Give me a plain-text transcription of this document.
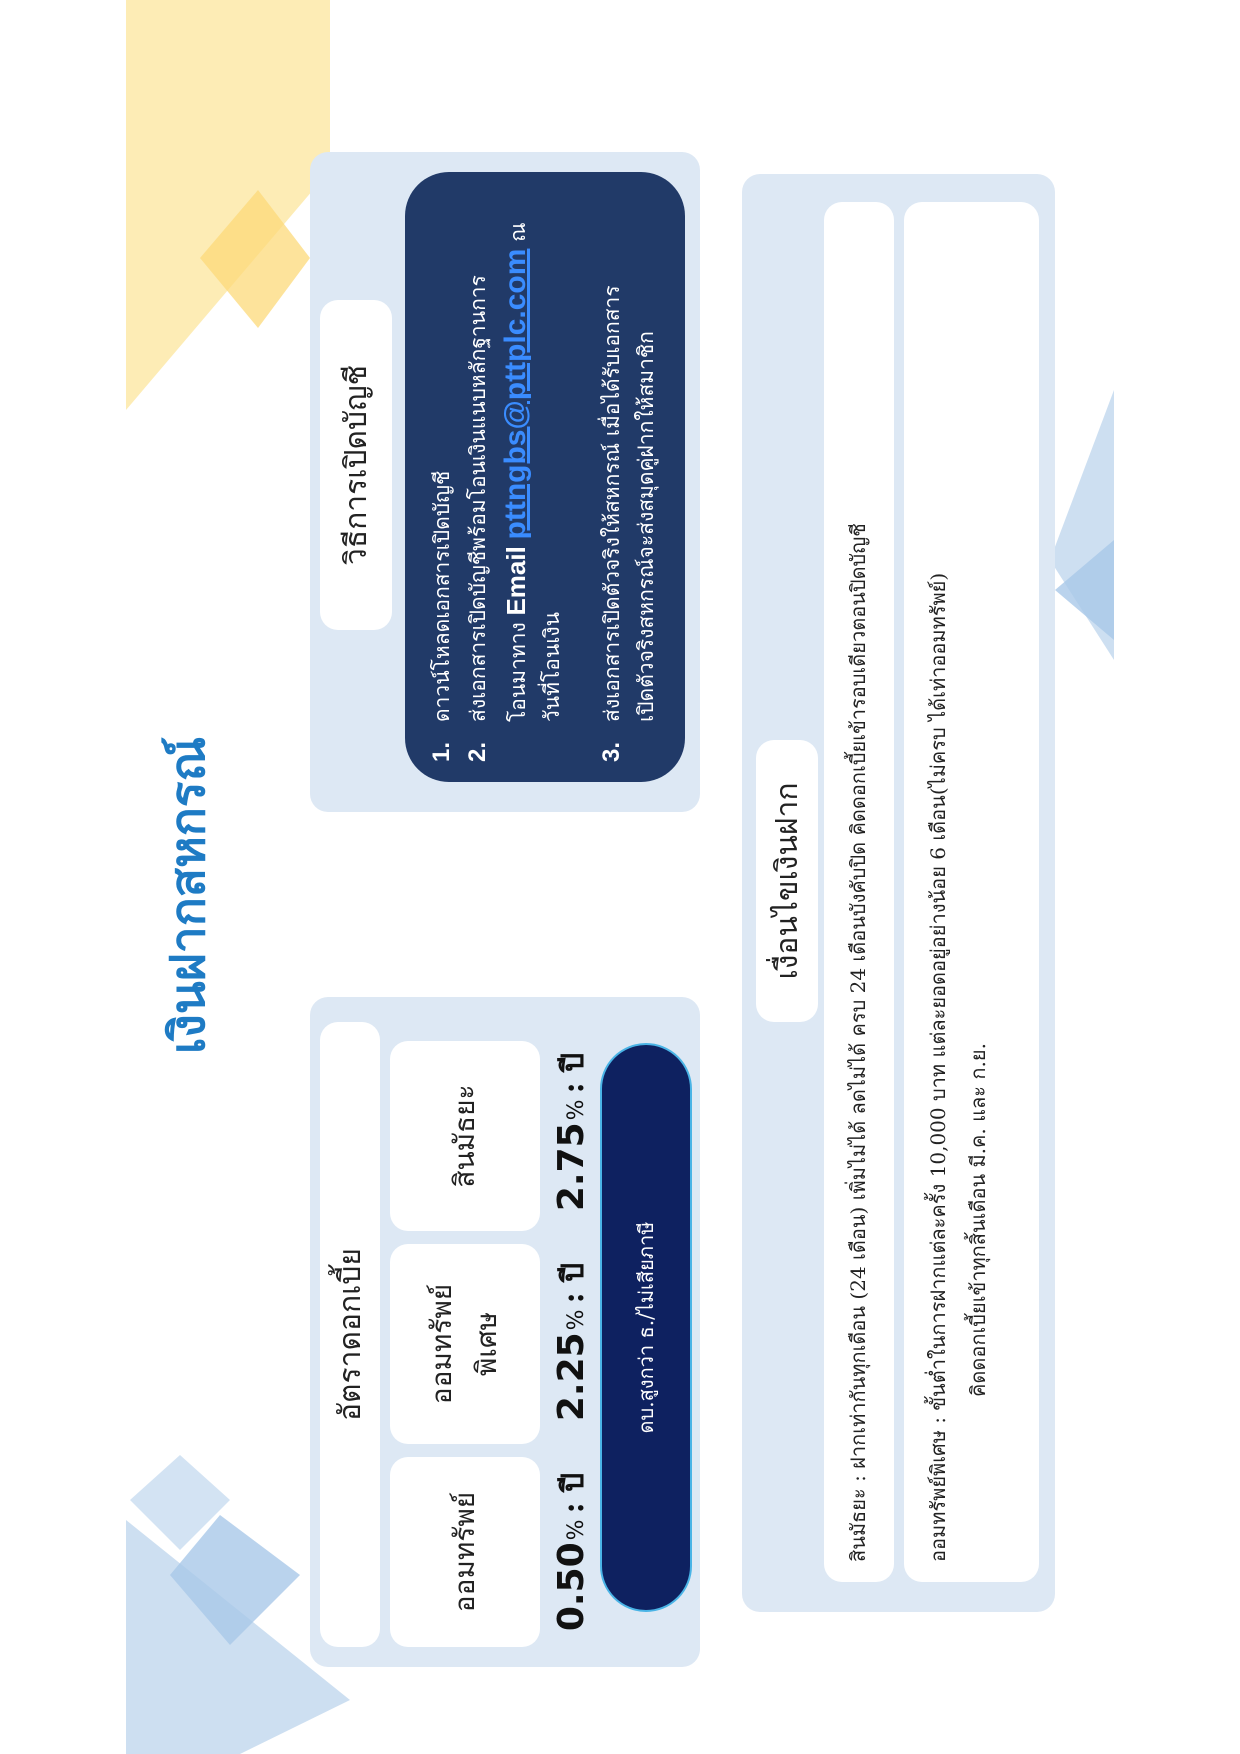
เงินฝากสหกรณ์
อัตราดอกเบี้ย
ออมทรัพย์
ออมทรัพย์พิเศษ
สินมัธยะ
0.50
%
: ปี
2.25
%
: ปี
2.75
%
: ปี
ดบ.สูงกว่า ธ./ไม่เสียภาษี
วิธีการเปิดบัญชี
1.
ดาวน์โหลดเอกสารเปิดบัญชี
2.
ส่งเอกสารเปิดบัญชีพร้อมโอนเงินแนบหลักฐานการ โอนมาทาง Email pttngbs@pttplc.com ณ
วันที่โอนเงิน
3.
ส่งเอกสารเปิดตัวจริงให้สหกรณ์ เมื่อได้รับเอกสาร เปิดตัวจริงสหกรณ์จะส่งสมุดคู่ฝากให้สมาชิก
เงื่อนไขเงินฝาก	สินมัธยะ : ฝากเท่ากันทุกเดือน (24 เดือน) เพิ่มไม่ได้ ลดไม่ได้ ครบ 24 เดือนบังคับปิด คิดดอกเบี้ยเข้ารอบเดียวตอนปิดบัญชี	ออมทรัพย์พิเศษ : ขั้นต่ำในการฝากแต่ละครั้ง 10,000 บาท แต่ละยอดอยู่อย่างน้อย 6 เดือน(ไม่ครบ ได้เท่าออมทรัพย์) คิดดอกเบี้ยเข้าทุกสิ้นเดือน มี.ค. และ ก.ย.
